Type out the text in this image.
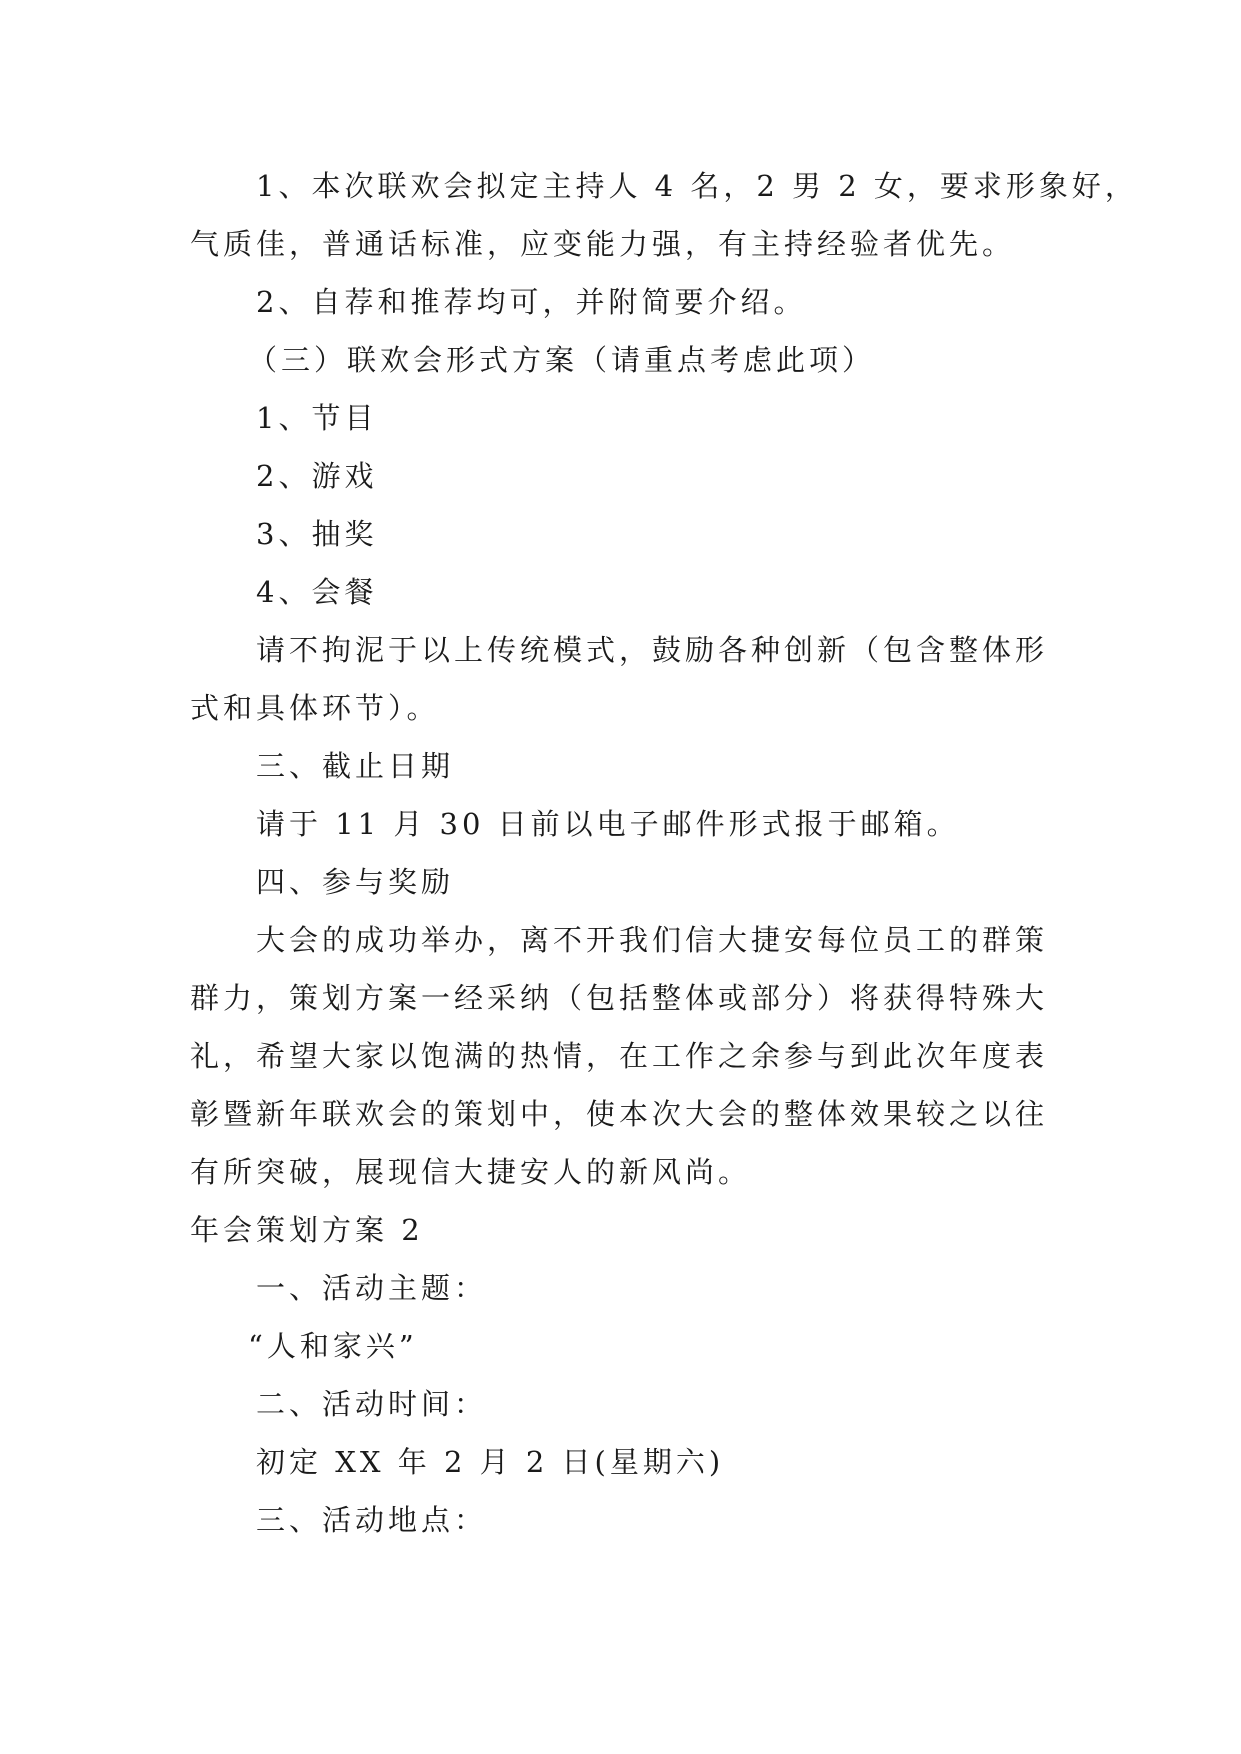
1、本次联欢会拟定主持人 4 名，2 男 2 女，要求形象好，
气质佳，普通话标准，应变能力强，有主持经验者优先。
2、自荐和推荐均可，并附简要介绍。
（三）联欢会形式方案（请重点考虑此项）
1、节目
2、游戏
3、抽奖
4、会餐
请不拘泥于以上传统模式，鼓励各种创新（包含整体形
式和具体环节）。
三、截止日期
请于 11 月 30 日前以电子邮件形式报于邮箱。
四、参与奖励
大会的成功举办，离不开我们信大捷安每位员工的群策
群力，策划方案一经采纳（包括整体或部分）将获得特殊大
礼，希望大家以饱满的热情，在工作之余参与到此次年度表
彰暨新年联欢会的策划中，使本次大会的整体效果较之以往
有所突破，展现信大捷安人的新风尚。
年会策划方案 2
一、活动主题：
“人和家兴”
二、活动时间：
初定 XX 年 2 月 2 日(星期六)
三、活动地点：
